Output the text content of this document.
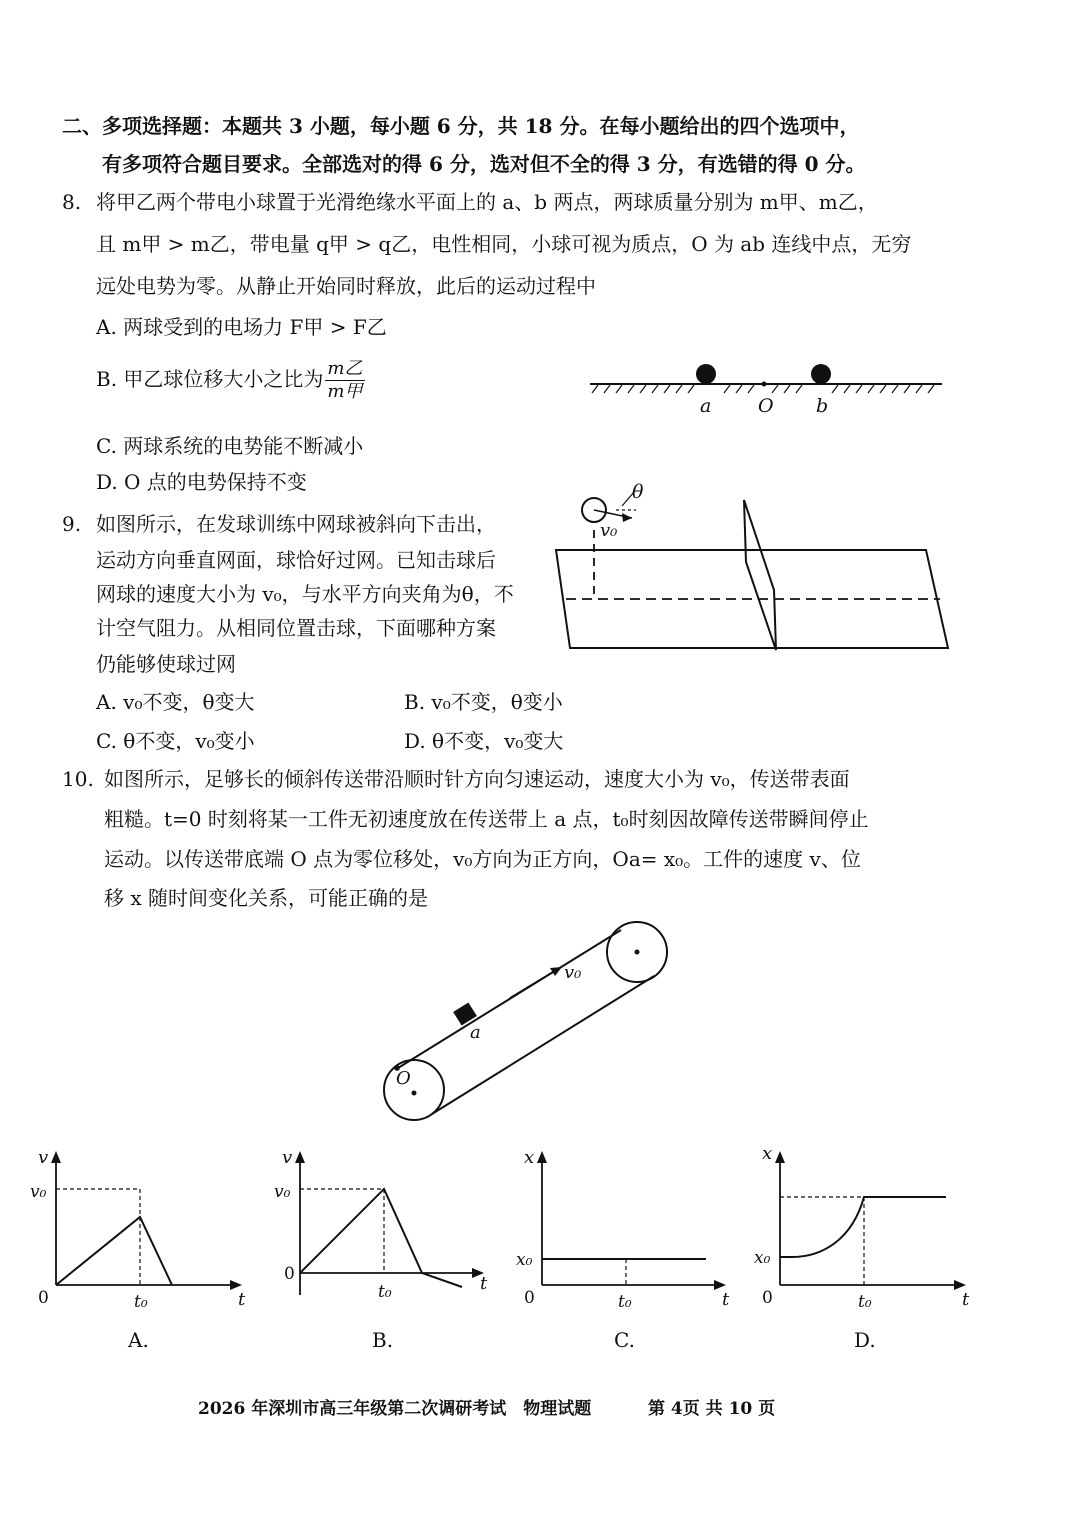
二、多项选择题：本题共 3 小题，每小题 6 分，共 18 分。在每小题给出的四个选项中，
有多项符合题目要求。全部选对的得 6 分，选对但不全的得 3 分，有选错的得 0 分。
8. 将甲乙两个带电小球置于光滑绝缘水平面上的 a、b 两点，两球质量分别为 m甲、m乙，
且 m甲 > m乙，带电量 q甲 > q乙，电性相同，小球可视为质点，O 为 ab 连线中点，无穷
远处电势为零。从静止开始同时释放，此后的运动过程中
A. 两球受到的电场力 F甲 > F乙
B. 甲乙球位移大小之比为 $\frac{\text{m乙}}{\text{m甲}}$
C. 两球系统的电势能不断减小
D. O 点的电势保持不变
a O b
9. 如图所示，在发球训练中网球被斜向下击出，
运动方向垂直网面，球恰好过网。已知击球后
网球的速度大小为 v₀，与水平方向夹角为θ，不
计空气阻力。从相同位置击球，下面哪种方案
仍能够使球过网
A. v₀不变，θ变大	B. v₀不变，θ变小
C. θ不变，v₀变小	D. θ不变，v₀变大
θ
v₀
10. 如图所示，足够长的倾斜传送带沿顺时针方向匀速运动，速度大小为 v₀，传送带表面
粗糙。t=0 时刻将某一工件无初速度放在传送带上 a 点，t₀时刻因故障传送带瞬间停止
运动。以传送带底端 O 点为零位移处，v₀方向为正方向，Oa= x₀。工件的速度 v、位
移 x 随时间变化关系，可能正确的是
v₀
a
O
v
v₀
0	t₀	t
A.
v
v₀
0
t₀	t
B.
x
x₀
0	t₀	t
C.
x
x₀
0	t₀	t
D.
2026 年深圳市高三年级第二次调研考试　物理试题	第 4页 共 10 页
